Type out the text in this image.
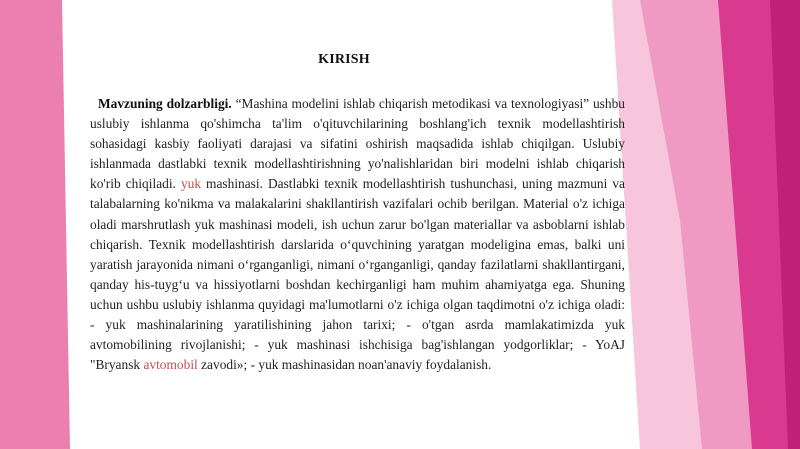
KIRISH

Mavzuning dolzarbligi. “Mashina modelini ishlab chiqarish metodikasi va texnologiyasi” ushbu uslubiy ishlanma qo'shimcha ta'lim o'qituvchilarining boshlang'ich texnik modellashtirish sohasidagi kasbiy faoliyati darajasi va sifatini oshirish maqsadida ishlab chiqilgan. Uslubiy ishlanmada dastlabki texnik modellashtirishning yo'nalishlaridan biri modelni ishlab chiqarish ko'rib chiqiladi. yuk mashinasi. Dastlabki texnik modellashtirish tushunchasi, uning mazmuni va talabalarning ko'nikma va malakalarini shakllantirish vazifalari ochib berilgan. Material o'z ichiga oladi marshrutlash yuk mashinasi modeli, ish uchun zarur bo'lgan materiallar va asboblarni ishlab chiqarish. Texnik modellashtirish darslarida o‘quvchining yaratgan modeligina emas, balki uni yaratish jarayonida nimani o‘rganganligi, nimani o‘rganganligi, qanday fazilatlarni shakllantirgani, qanday his-tuyg‘u va hissiyotlarni boshdan kechirganligi ham muhim ahamiyatga ega. Shuning uchun ushbu uslubiy ishlanma quyidagi ma'lumotlarni o'z ichiga olgan taqdimotni o'z ichiga oladi: - yuk mashinalarining yaratilishining jahon tarixi; - o'tgan asrda mamlakatimizda yuk avtomobilining rivojlanishi; - yuk mashinasi ishchisiga bag'ishlangan yodgorliklar; - YoAJ "Bryansk avtomobil zavodi»; - yuk mashinasidan noan'anaviy foydalanish.
